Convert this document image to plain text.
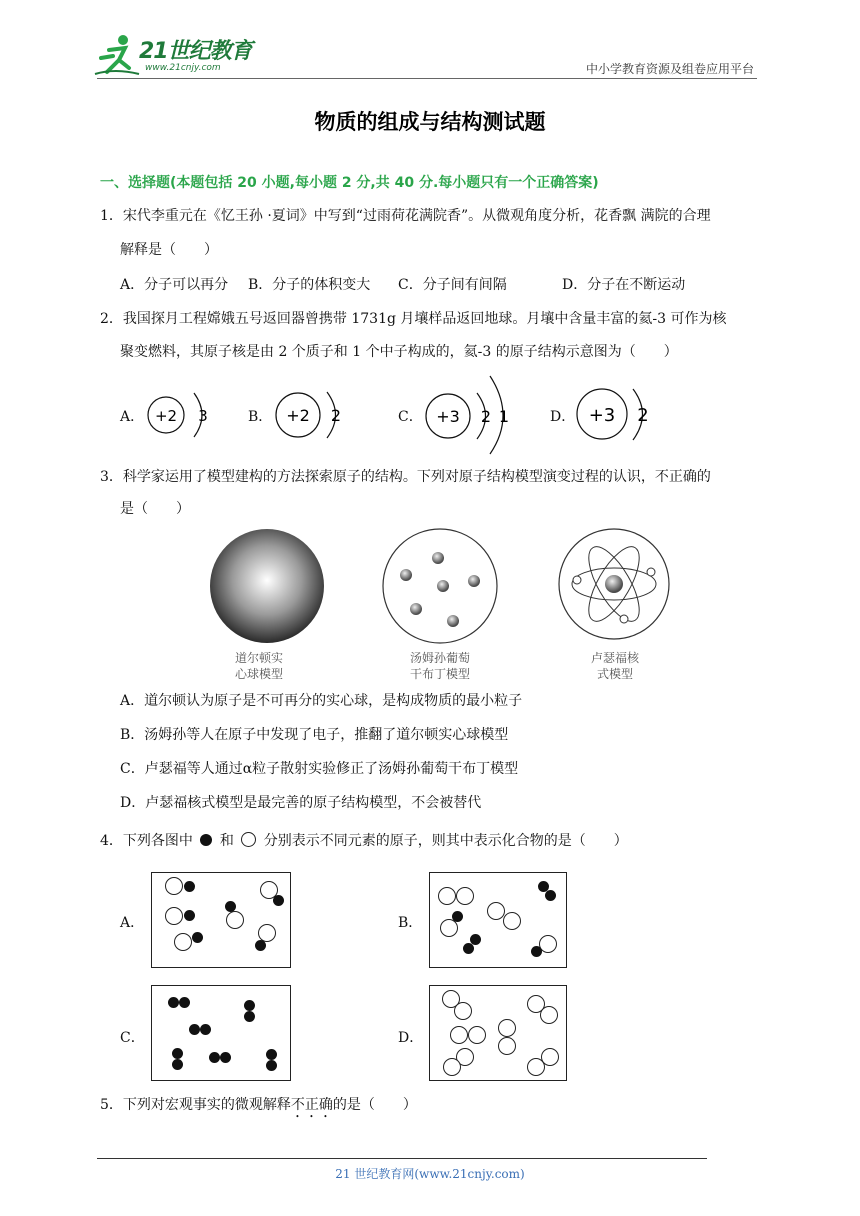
21世纪教育
www.21cnjy.com	中小学教育资源及组卷应用平台
物质的组成与结构测试题
一、选择题(本题包括 20 小题,每小题 2 分,共 40 分.每小题只有一个正确答案)
1．宋代李重元在《忆王孙 ·夏词》中写到“过雨荷花满院香”。从微观角度分析，花香飘 满院的合理
解释是（　　）
A．分子可以再分 B．分子的体积变大 C．分子间有间隔	D．分子在不断运动
2．我国探月工程嫦娥五号返回器曾携带 1731g 月壤样品返回地球。月壤中含量丰富的氦-3 可作为核
聚变燃料，其原子核是由 2 个质子和 1 个中子构成的，氦-3 的原子结构示意图为（　　）
A． +2 3	B． +2 2	C． +3 2 1	D． +3 2
3．科学家运用了模型建构的方法探索原子的结构。下列对原子结构模型演变过程的认识，不正确的
是（　　）
道尔顿实
心球模型
汤姆孙葡萄
干布丁模型
卢瑟福核
式模型
A．道尔顿认为原子是不可再分的实心球，是构成物质的最小粒子
B．汤姆孙等人在原子中发现了电子，推翻了道尔顿实心球模型
C．卢瑟福等人通过α粒子散射实验修正了汤姆孙葡萄干布丁模型
D．卢瑟福核式模型是最完善的原子结构模型，不会被替代
4．下列各图中 和 分别表示不同元素的原子，则其中表示化合物的是（　　）
A．	B．
C．	D．
5．下列对宏观事实的微观解释不正确的是（　　）
21 世纪教育网(www.21cnjy.com)
